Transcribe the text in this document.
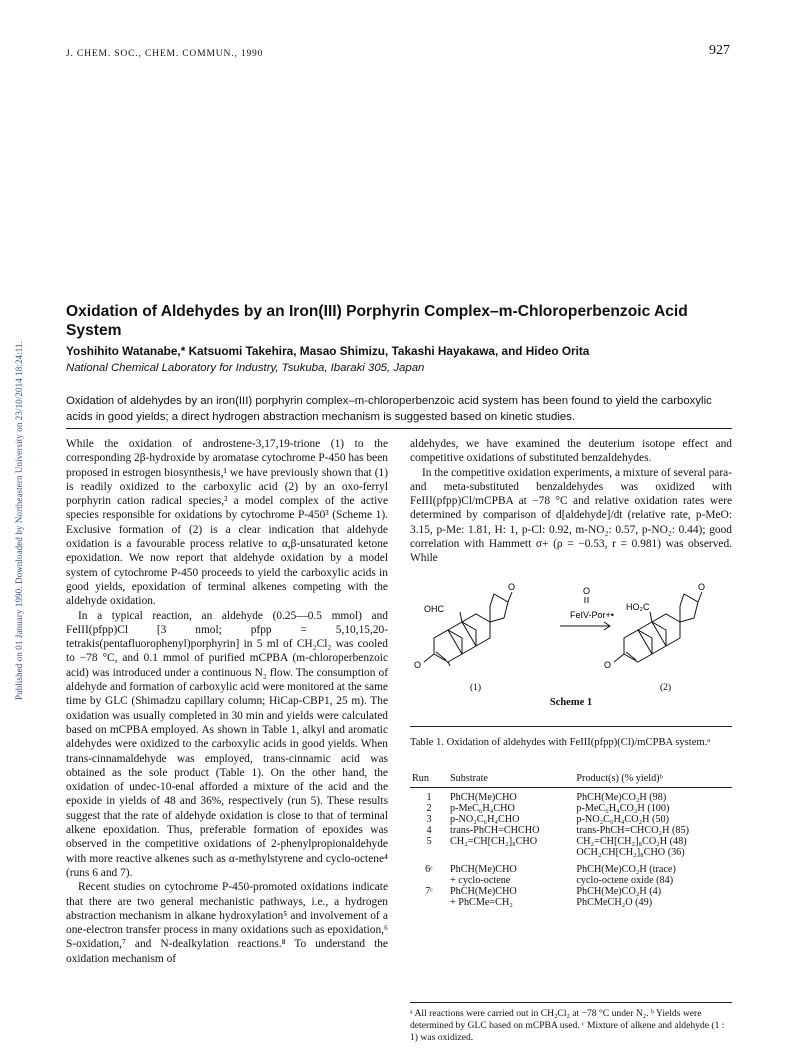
Published on 01 January 1990. Downloaded by Northeastern University on 23/10/2014 18:24:11.
J. CHEM. SOC., CHEM. COMMUN., 1990	927
Oxidation of Aldehydes by an Iron(III) Porphyrin Complex–m-Chloroperbenzoic Acid System
Yoshihito Watanabe,* Katsuomi Takehira, Masao Shimizu, Takashi Hayakawa, and Hideo Orita
National Chemical Laboratory for Industry, Tsukuba, Ibaraki 305, Japan
Oxidation of aldehydes by an iron(III) porphyrin complex–m-chloroperbenzoic acid system has been found to yield the carboxylic acids in good yields; a direct hydrogen abstraction mechanism is suggested based on kinetic studies.

While the oxidation of androstene-3,17,19-trione (1) to the corresponding 2β-hydroxide by aromatase cytochrome P-450 has been proposed in estrogen biosynthesis,¹ we have previously shown that (1) is readily oxidized to the carboxylic acid (2) by an oxo-ferryl porphyrin cation radical species,² a model complex of the active species responsible for oxidations by cytochrome P-450³ (Scheme 1). Exclusive formation of (2) is a clear indication that aldehyde oxidation is a favourable process relative to α,β-unsaturated ketone epoxidation. We now report that aldehyde oxidation by a model system of cytochrome P-450 proceeds to yield the carboxylic acids in good yields, epoxidation of terminal alkenes competing with the aldehyde oxidation.

In a typical reaction, an aldehyde (0.25—0.5 mmol) and FeIII(pfpp)Cl [3 nmol; pfpp = 5,10,15,20-tetrakis(pentafluorophenyl)porphyrin] in 5 ml of CH₂Cl₂ was cooled to −78 °C, and 0.1 mmol of purified mCPBA (m-chloroperbenzoic acid) was introduced under a continuous N₂ flow. The consumption of aldehyde and formation of carboxylic acid were monitored at the same time by GLC (Shimadzu capillary column; HiCap-CBP1, 25 m). The oxidation was usually completed in 30 min and yields were calculated based on mCPBA employed. As shown in Table 1, alkyl and aromatic aldehydes were oxidized to the carboxylic acids in good yields. When trans-cinnamaldehyde was employed, trans-cinnamic acid was obtained as the sole product (Table 1). On the other hand, the oxidation of undec-10-enal afforded a mixture of the acid and the epoxide in yields of 48 and 36%, respectively (run 5). These results suggest that the rate of aldehyde oxidation is close to that of terminal alkene epoxidation. Thus, preferable formation of epoxides was observed in the competitive oxidations of 2-phenylpropionaldehyde with more reactive alkenes such as α-methylstyrene and cyclo-octene⁴ (runs 6 and 7).

Recent studies on cytochrome P-450-promoted oxidations indicate that there are two general mechanistic pathways, i.e., a hydrogen abstraction mechanism in alkane hydroxylation⁵ and involvement of a one-electron transfer process in many oxidations such as epoxidation,⁶ S-oxidation,⁷ and N-dealkylation reactions.⁸ To understand the oxidation mechanism of

aldehydes, we have examined the deuterium isotope effect and competitive oxidations of substituted benzaldehydes.

In the competitive oxidation experiments, a mixture of several para- and meta-substituted benzaldehydes was oxidized with FeIII(pfpp)Cl/mCPBA at −78 °C and relative oxidation rates were determined by comparison of d[aldehyde]/dt (relative rate, p-MeO: 3.15, p-Me: 1.81, H: 1, p-Cl: 0.92, m-NO₂: 0.57, p-NO₂: 0.44); good correlation with Hammett σ+ (ρ = −0.53, r = 0.981) was observed. While

OHC
O
O
O
FeIV-Por+•
HO₂C
O
O
(1)	(2)
Scheme 1
Table 1. Oxidation of aldehydes with FeIII(pfpp)(Cl)/mCPBA system.ᵃ
Run	Substrate	Product(s) (% yield)ᵇ
1	PhCH(Me)CHO	PhCH(Me)CO₂H (98)
2	p-MeC₆H₄CHO	p-MeC₆H₄CO₂H (100)
3	p-NO₂C₆H₄CHO	p-NO₂C₆H₄CO₂H (50)
4	trans-PhCH=CHCHO	trans-PhCH=CHCO₂H (85)
5	CH₂=CH[CH₂]₈CHO	CH₂=CH[CH₂]₈CO₂H (48)
		OCH₂CH[CH₂]₈CHO (36)
6ᶜ	PhCH(Me)CHO	PhCH(Me)CO₂H (trace)
	+ cyclo-octene	cyclo-octene oxide (84)
7ᶜ	PhCH(Me)CHO	PhCH(Me)CO₂H (4)
	+ PhCMe=CH₂	PhCMeCH₂O (49)
ᵃ All reactions were carried out in CH₂Cl₂ at −78 °C under N₂. ᵇ Yields were determined by GLC based on mCPBA used. ᶜ Mixture of alkene and aldehyde (1 : 1) was oxidized.
